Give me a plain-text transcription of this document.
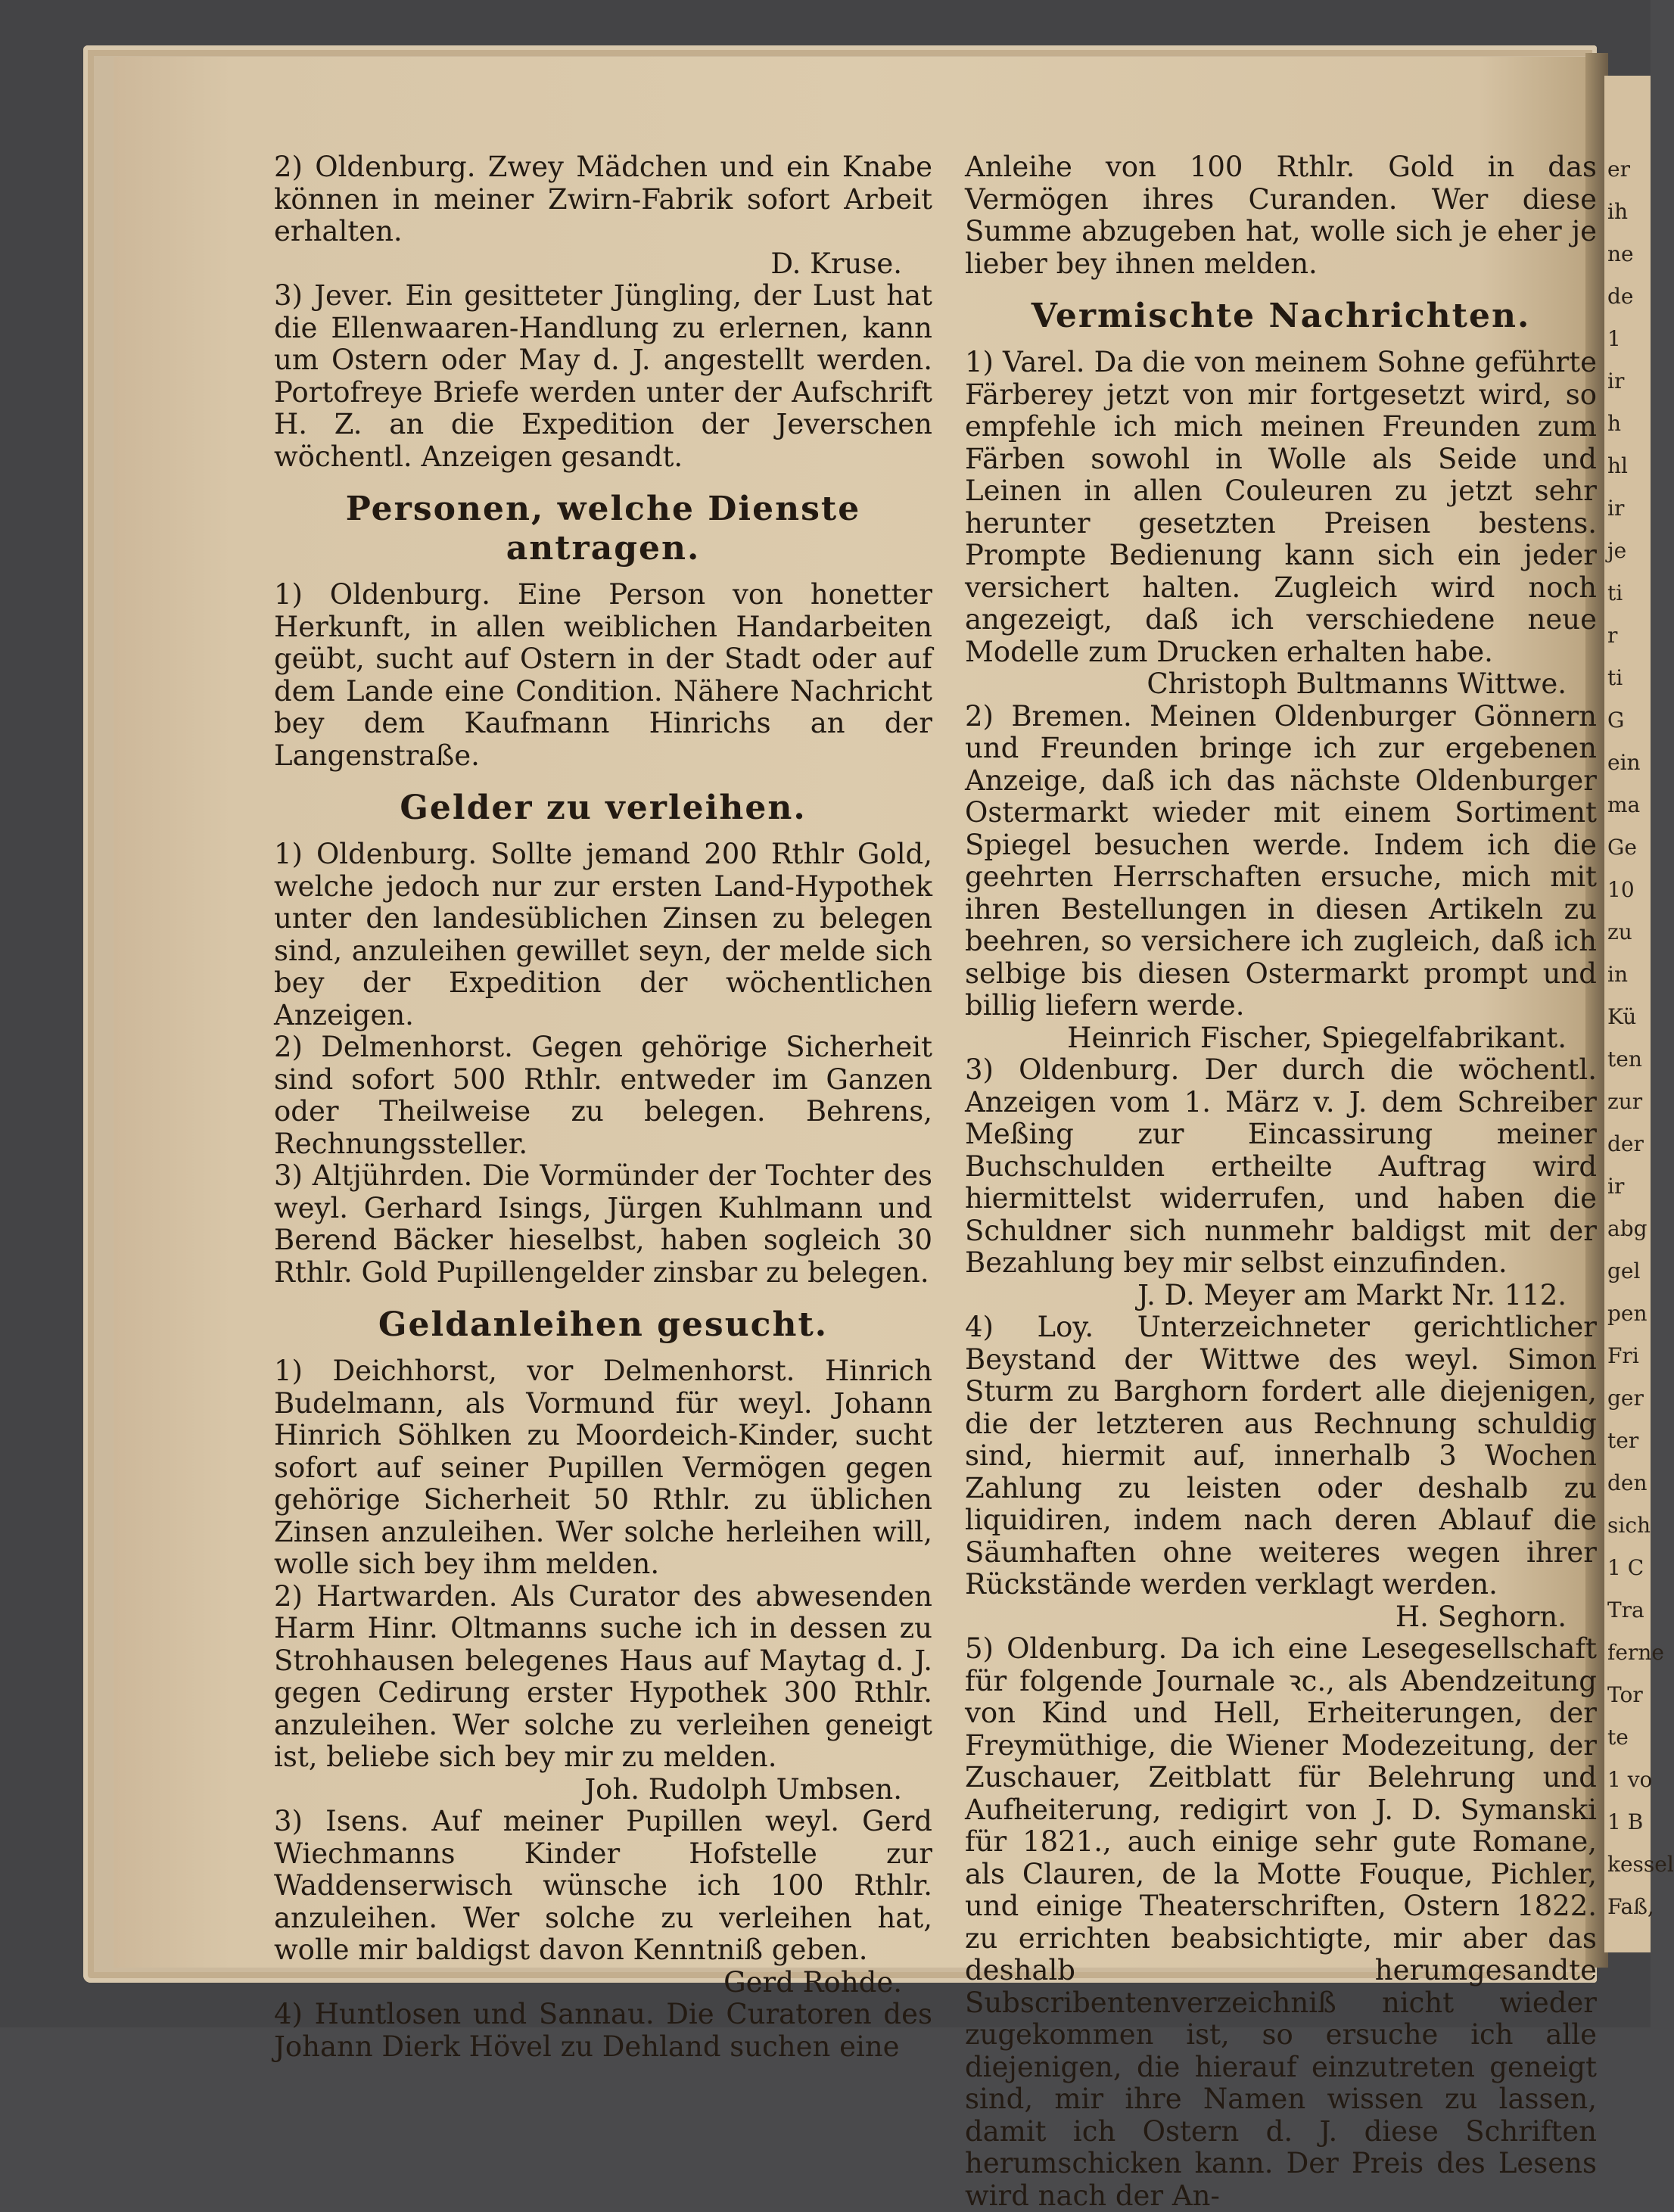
er
ih
ne
de
1
ir
h
hl
ir
je
ti
r
ti
G
ein
ma
Ge
10
zu
in
Kü
ten
zur
der
ir
abg
gel
pen
Fri
ger
ter
den
sich
1 C
Tra
ferne
Tor
te
1 vo
1 B
kessel
Faß,

2) Oldenburg. Zwey Mädchen und ein Knabe können in meiner Zwirn-Fabrik sofort Arbeit erhalten.

D. Kruse.

3) Jever. Ein gesitteter Jüngling, der Lust hat die Ellenwaaren-Handlung zu erlernen, kann um Ostern oder May d. J. angestellt werden. Portofreye Briefe werden unter der Aufschrift H. Z. an die Expedition der Jeverschen wöchentl. Anzeigen gesandt.

Personen, welche Dienste antragen.

1) Oldenburg. Eine Person von honetter Herkunft, in allen weiblichen Handarbeiten geübt, sucht auf Ostern in der Stadt oder auf dem Lande eine Condition. Nähere Nachricht bey dem Kaufmann Hinrichs an der Langenstraße.

Gelder zu verleihen.

1) Oldenburg. Sollte jemand 200 Rthlr Gold, welche jedoch nur zur ersten Land-Hypothek unter den landesüblichen Zinsen zu belegen sind, anzuleihen gewillet seyn, der melde sich bey der Expedition der wöchentlichen Anzeigen.

2) Delmenhorst. Gegen gehörige Sicherheit sind sofort 500 Rthlr. entweder im Ganzen oder Theilweise zu belegen. Behrens, Rechnungssteller.

3) Altjührden. Die Vormünder der Tochter des weyl. Gerhard Isings, Jürgen Kuhlmann und Berend Bäcker hieselbst, haben sogleich 30 Rthlr. Gold Pupillengelder zinsbar zu belegen.

Geldanleihen gesucht.

1) Deichhorst, vor Delmenhorst. Hinrich Budelmann, als Vormund für weyl. Johann Hinrich Söhlken zu Moordeich-Kinder, sucht sofort auf seiner Pupillen Vermögen gegen gehörige Sicherheit 50 Rthlr. zu üblichen Zinsen anzuleihen. Wer solche herleihen will, wolle sich bey ihm melden.

2) Hartwarden. Als Curator des abwesenden Harm Hinr. Oltmanns suche ich in dessen zu Strohhausen belegenes Haus auf Maytag d. J. gegen Cedirung erster Hypothek 300 Rthlr. anzuleihen. Wer solche zu verleihen geneigt ist, beliebe sich bey mir zu melden.

Joh. Rudolph Umbsen.

3) Isens. Auf meiner Pupillen weyl. Gerd Wiechmanns Kinder Hofstelle zur Waddenserwisch wünsche ich 100 Rthlr. anzuleihen. Wer solche zu verleihen hat, wolle mir baldigst davon Kenntniß geben.

Gerd Rohde.

4) Huntlosen und Sannau. Die Curatoren des Johann Dierk Hövel zu Dehland suchen eine

Anleihe von 100 Rthlr. Gold in das Vermögen ihres Curanden. Wer diese Summe abzugeben hat, wolle sich je eher je lieber bey ihnen melden.

Vermischte Nachrichten.

1) Varel. Da die von meinem Sohne geführte Färberey jetzt von mir fortgesetzt wird, so empfehle ich mich meinen Freunden zum Färben sowohl in Wolle als Seide und Leinen in allen Couleuren zu jetzt sehr herunter gesetzten Preisen bestens. Prompte Bedienung kann sich ein jeder versichert halten. Zugleich wird noch angezeigt, daß ich verschiedene neue Modelle zum Drucken erhalten habe.

Christoph Bultmanns Wittwe.

2) Bremen. Meinen Oldenburger Gönnern und Freunden bringe ich zur ergebenen Anzeige, daß ich das nächste Oldenburger Ostermarkt wieder mit einem Sortiment Spiegel besuchen werde. Indem ich die geehrten Herrschaften ersuche, mich mit ihren Bestellungen in diesen Artikeln zu beehren, so versichere ich zugleich, daß ich selbige bis diesen Ostermarkt prompt und billig liefern werde.

Heinrich Fischer, Spiegelfabrikant.

3) Oldenburg. Der durch die wöchentl. Anzeigen vom 1. März v. J. dem Schreiber Meßing zur Eincassirung meiner Buchschulden ertheilte Auftrag wird hiermittelst widerrufen, und haben die Schuldner sich nunmehr baldigst mit der Bezahlung bey mir selbst einzufinden.

J. D. Meyer am Markt Nr. 112.

4) Loy. Unterzeichneter gerichtlicher Beystand der Wittwe des weyl. Simon Sturm zu Barghorn fordert alle diejenigen, die der letzteren aus Rechnung schuldig sind, hiermit auf, innerhalb 3 Wochen Zahlung zu leisten oder deshalb zu liquidiren, indem nach deren Ablauf die Säumhaften ohne weiteres wegen ihrer Rückstände werden verklagt werden.

H. Seghorn.

5) Oldenburg. Da ich eine Lesegesellschaft für folgende Journale ꝛc., als Abendzeitung von Kind und Hell, Erheiterungen, der Freymüthige, die Wiener Modezeitung, der Zuschauer, Zeitblatt für Belehrung und Aufheiterung, redigirt von J. D. Symanski für 1821., auch einige sehr gute Romane, als Clauren, de la Motte Fouque, Pichler, und einige Theaterschriften, Ostern 1822. zu errichten beabsichtigte, mir aber das deshalb herumgesandte Subscribentenverzeichniß nicht wieder zugekommen ist, so ersuche ich alle diejenigen, die hierauf einzutreten geneigt sind, mir ihre Namen wissen zu lassen, damit ich Ostern d. J. diese Schriften herumschicken kann. Der Preis des Lesens wird nach der An-
